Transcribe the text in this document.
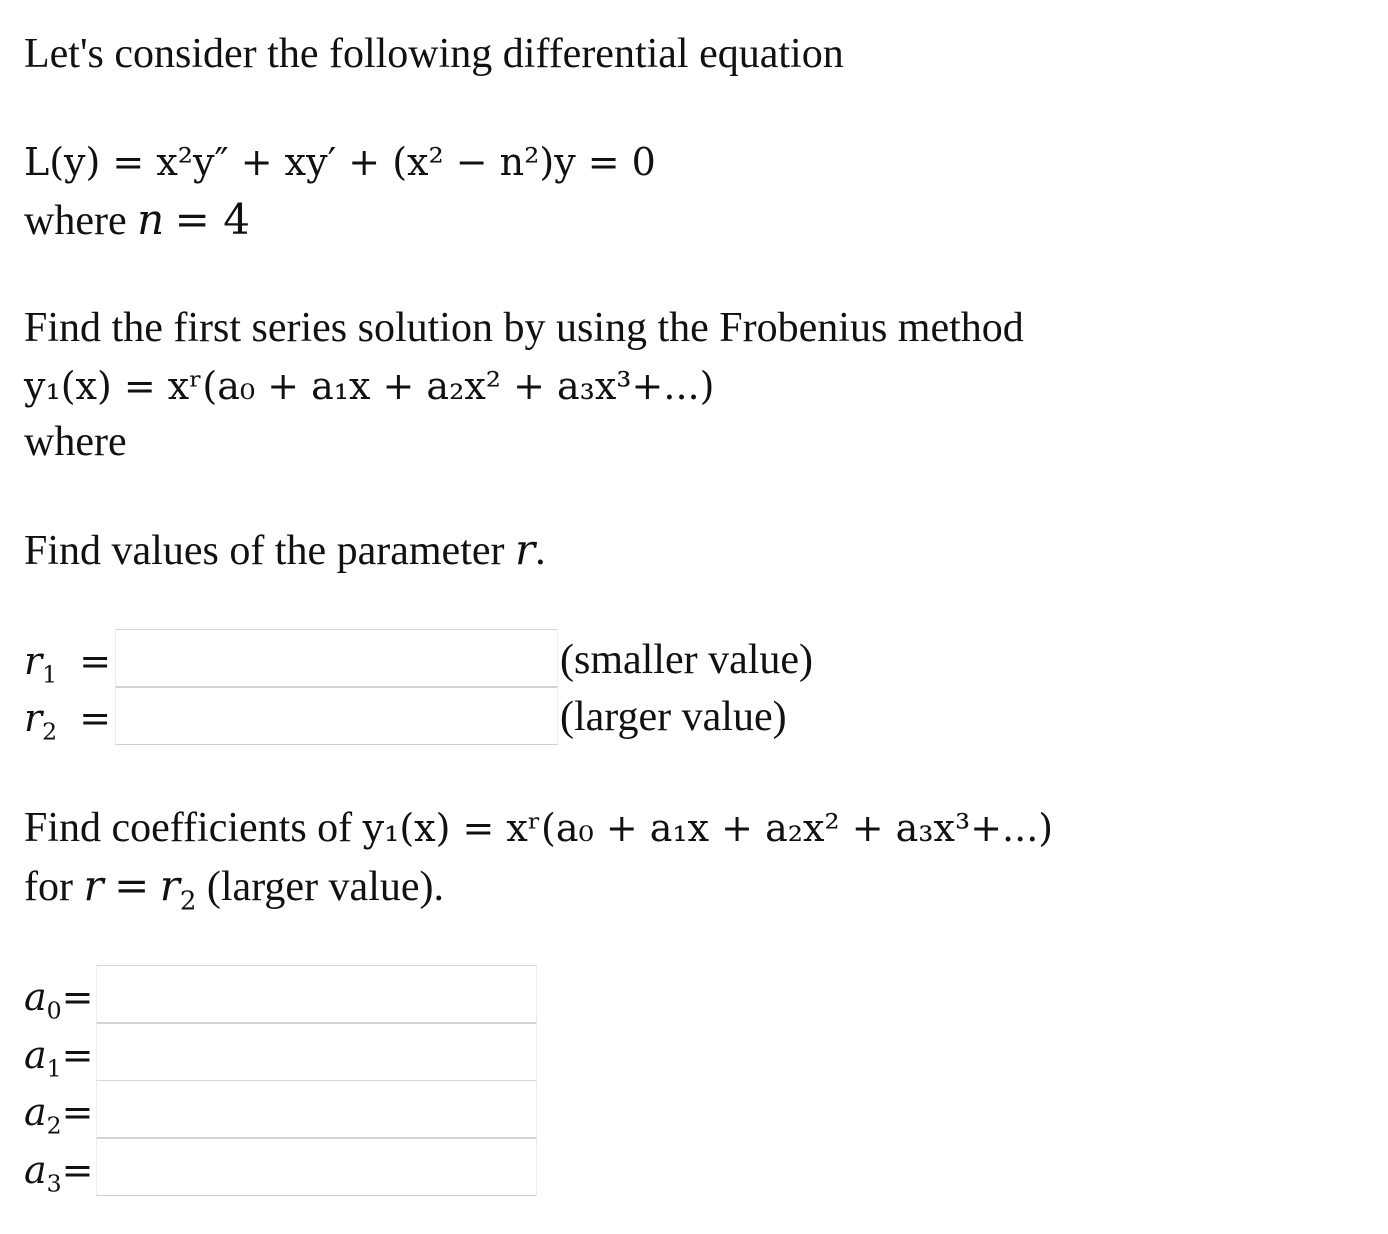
Let's consider the following differential equation
L(y) = x²y″ + xy′ + (x² − n²)y = 0
where n = 4
Find the first series solution by using the Frobenius method
y₁(x) = xʳ(a₀ + a₁x + a₂x² + a₃x³+...)
where
Find values of the parameter r.
$r_1$ =	(smaller value)
$r_2$ =	(larger value)
Find coefficients of y₁(x) = xʳ(a₀ + a₁x + a₂x² + a₃x³+...)
for $r = r_2$ (larger value).
$a_0=$
$a_1=$
$a_2=$
$a_3=$
